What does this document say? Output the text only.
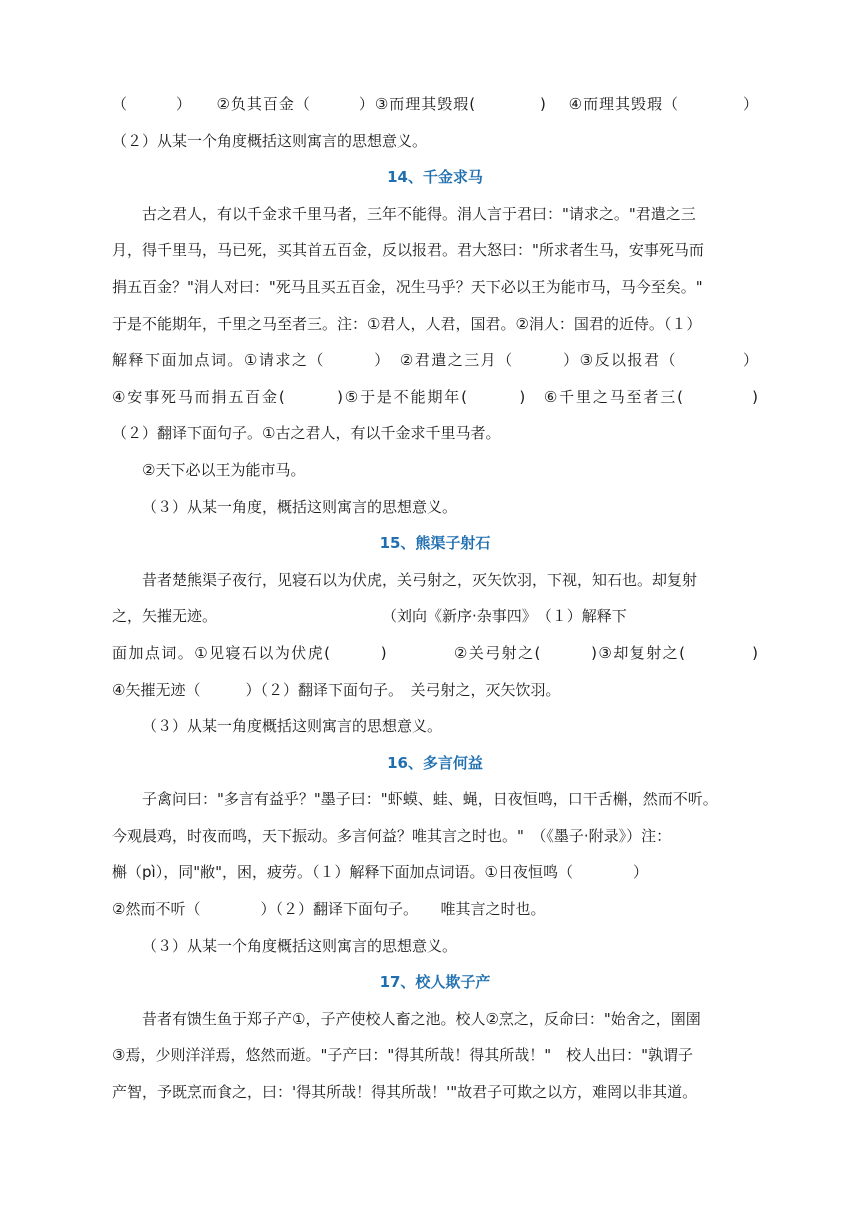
（　　　）　　②负其百金（　　　）③而理其毁瑕(　　　　)　 ④而理其毁瑕（　　　　）
（２）从某一个角度概括这则寓言的思想意义。
14、千金求马
古之君人，有以千金求千里马者，三年不能得。涓人言于君曰："请求之。"君遣之三
月，得千里马，马已死，买其首五百金，反以报君。君大怒曰："所求者生马，安事死马而
捐五百金？"涓人对曰："死马且买五百金，况生马乎？天下必以王为能市马，马今至矣。"
于是不能期年，千里之马至者三。注：①君人，人君，国君。②涓人：国君的近侍。（１）
解释下面加点词。①请求之（　　　）　②君遣之三月（　　　）③反以报君（　　　　）
④安事死马而捐五百金(　　　)⑤于是不能期年(　　　)　⑥千里之马至者三(　　　　)
（２）翻译下面句子。①古之君人，有以千金求千里马者。
②天下必以王为能市马。
（３）从某一角度，概括这则寓言的思想意义。
15、熊渠子射石
昔者楚熊渠子夜行，见寝石以为伏虎，关弓射之，灭矢饮羽，下视，知石也。却复射
之，矢摧无迹。　　　　　　　　　　　　（刘向《新序·杂事四》　（１）解释下
面加点词。①见寝石以为伏虎(　　　)　　　　②关弓射之(　　　)③却复射之(　　　　)
④矢摧无迹（　　　）（２）翻译下面句子。　关弓射之，灭矢饮羽。
（３）从某一角度概括这则寓言的思想意义。
16、多言何益
子禽问曰："多言有益乎？"墨子曰："虾蟆、蛙、蝇，日夜恒鸣，口干舌槲，然而不听。
今观晨鸡，时夜而鸣，天下振动。多言何益？唯其言之时也。"　（《墨子·附录》）注：
槲（pì），同"敝"，困，疲劳。（１）解释下面加点词语。①日夜恒鸣（　　　　）
②然而不听（　　　　）（２）翻译下面句子。　　唯其言之时也。
（３）从某一个角度概括这则寓言的思想意义。
17、校人欺子产
昔者有馈生鱼于郑子产①，子产使校人畜之池。校人②烹之，反命曰："始舍之，圉圉
③焉，少则洋洋焉，悠然而逝。"子产曰："得其所哉！得其所哉！"　校人出曰："孰谓子
产智，予既烹而食之，曰：'得其所哉！得其所哉！'"故君子可欺之以方，难罔以非其道。
